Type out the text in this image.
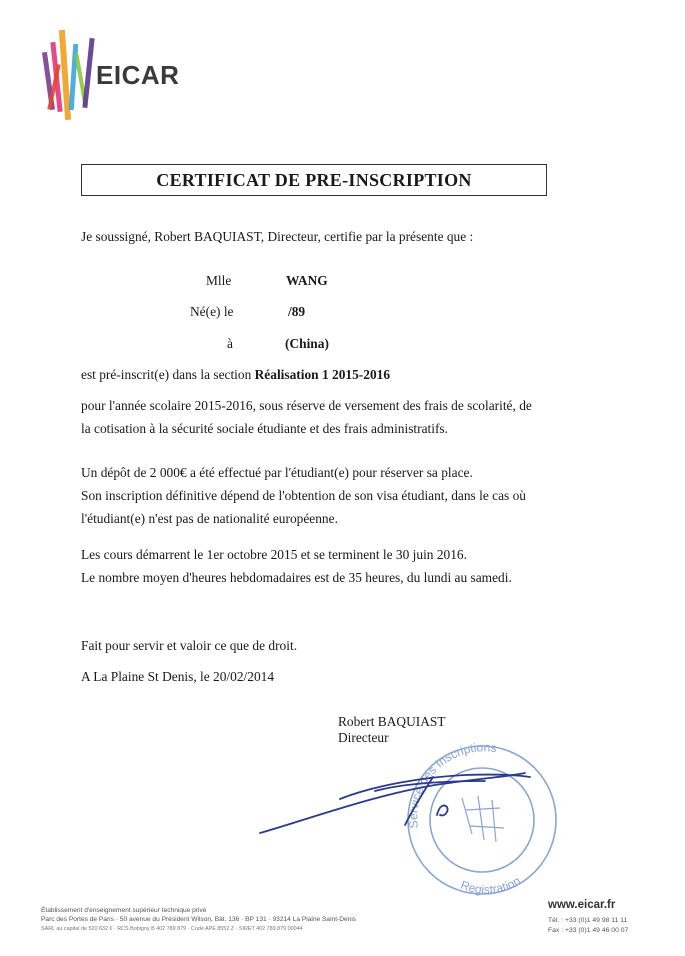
EICAR
CERTIFICAT DE PRE-INSCRIPTION
Je soussigné, Robert BAQUIAST, Directeur, certifie par la présente que :
Mlle	WANG
Né(e) le	/89
à	(China)
est pré-inscrit(e) dans la section Réalisation 1 2015-2016
pour l'année scolaire 2015-2016, sous réserve de versement des frais de scolarité, de
la cotisation à la sécurité sociale étudiante et des frais administratifs.
Un dépôt de 2 000€ a été effectué par l'étudiant(e) pour réserver sa place.
Son inscription définitive dépend de l'obtention de son visa étudiant, dans le cas où
l'étudiant(e) n'est pas de nationalité européenne.
Les cours démarrent le 1er octobre 2015 et se terminent le 30 juin 2016.
Le nombre moyen d'heures hebdomadaires est de 35 heures, du lundi au samedi.
Fait pour servir et valoir ce que de droit.
A La Plaine St Denis, le 20/02/2014
Robert BAQUIAST
Directeur
Service des Inscriptions
Registration
Établissement d'enseignement supérieur technique privé
Parc des Portes de Paris · 50 avenue du Président Wilson, Bât. 136 · BP 131 · 93214 La Plaine Saint-Denis
SARL au capital de 520 632 € · RCS Bobigny B 402 789 879 · Code APE 8552 Z · SIRET 402 789 879 00044
www.eicar.fr
Tél. : +33 (0)1 49 98 11 11
Fax : +33 (0)1 49 46 00 07
